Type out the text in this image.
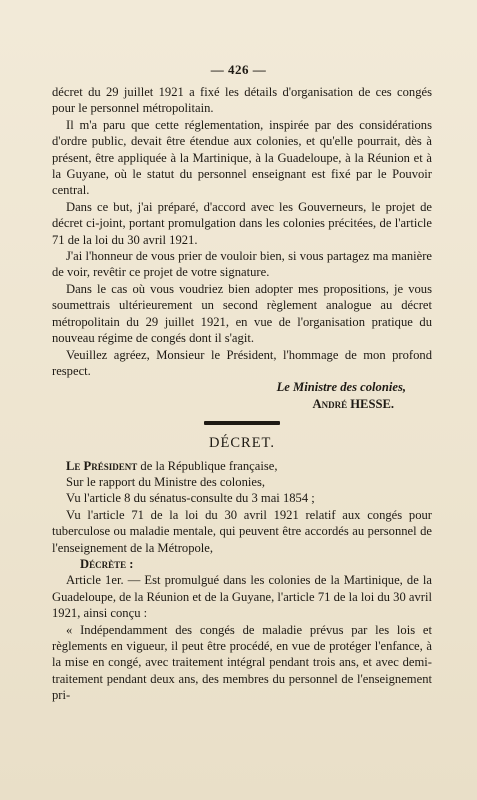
— 426 —

décret du 29 juillet 1921 a fixé les détails d'organisation de ces congés pour le personnel métropolitain.

Il m'a paru que cette réglementation, inspirée par des considérations d'ordre public, devait être étendue aux colonies, et qu'elle pourrait, dès à présent, être appliquée à la Martinique, à la Guadeloupe, à la Réunion et à la Guyane, où le statut du personnel enseignant est fixé par le Pouvoir central.

Dans ce but, j'ai préparé, d'accord avec les Gouverneurs, le projet de décret ci-joint, portant promulgation dans les colonies précitées, de l'article 71 de la loi du 30 avril 1921.

J'ai l'honneur de vous prier de vouloir bien, si vous partagez ma manière de voir, revêtir ce projet de votre signature.

Dans le cas où vous voudriez bien adopter mes propositions, je vous soumettrais ultérieurement un second règlement analogue au décret métropolitain du 29 juillet 1921, en vue de l'organisation pratique du nouveau régime de congés dont il s'agit.

Veuillez agréez, Monsieur le Président, l'hommage de mon profond respect.

Le Ministre des colonies,

André HESSE.

DÉCRET.

Le Président de la République française,

Sur le rapport du Ministre des colonies,

Vu l'article 8 du sénatus-consulte du 3 mai 1854 ;

Vu l'article 71 de la loi du 30 avril 1921 relatif aux congés pour tuberculose ou maladie mentale, qui peuvent être accordés au personnel de l'enseignement de la Métropole,

Décrète :

Article 1er. — Est promulgué dans les colonies de la Martinique, de la Guadeloupe, de la Réunion et de la Guyane, l'article 71 de la loi du 30 avril 1921, ainsi conçu :

« Indépendamment des congés de maladie prévus par les lois et règlements en vigueur, il peut être procédé, en vue de protéger l'enfance, à la mise en congé, avec traitement intégral pendant trois ans, et avec demi-traitement pendant deux ans, des membres du personnel de l'enseignement pri-
